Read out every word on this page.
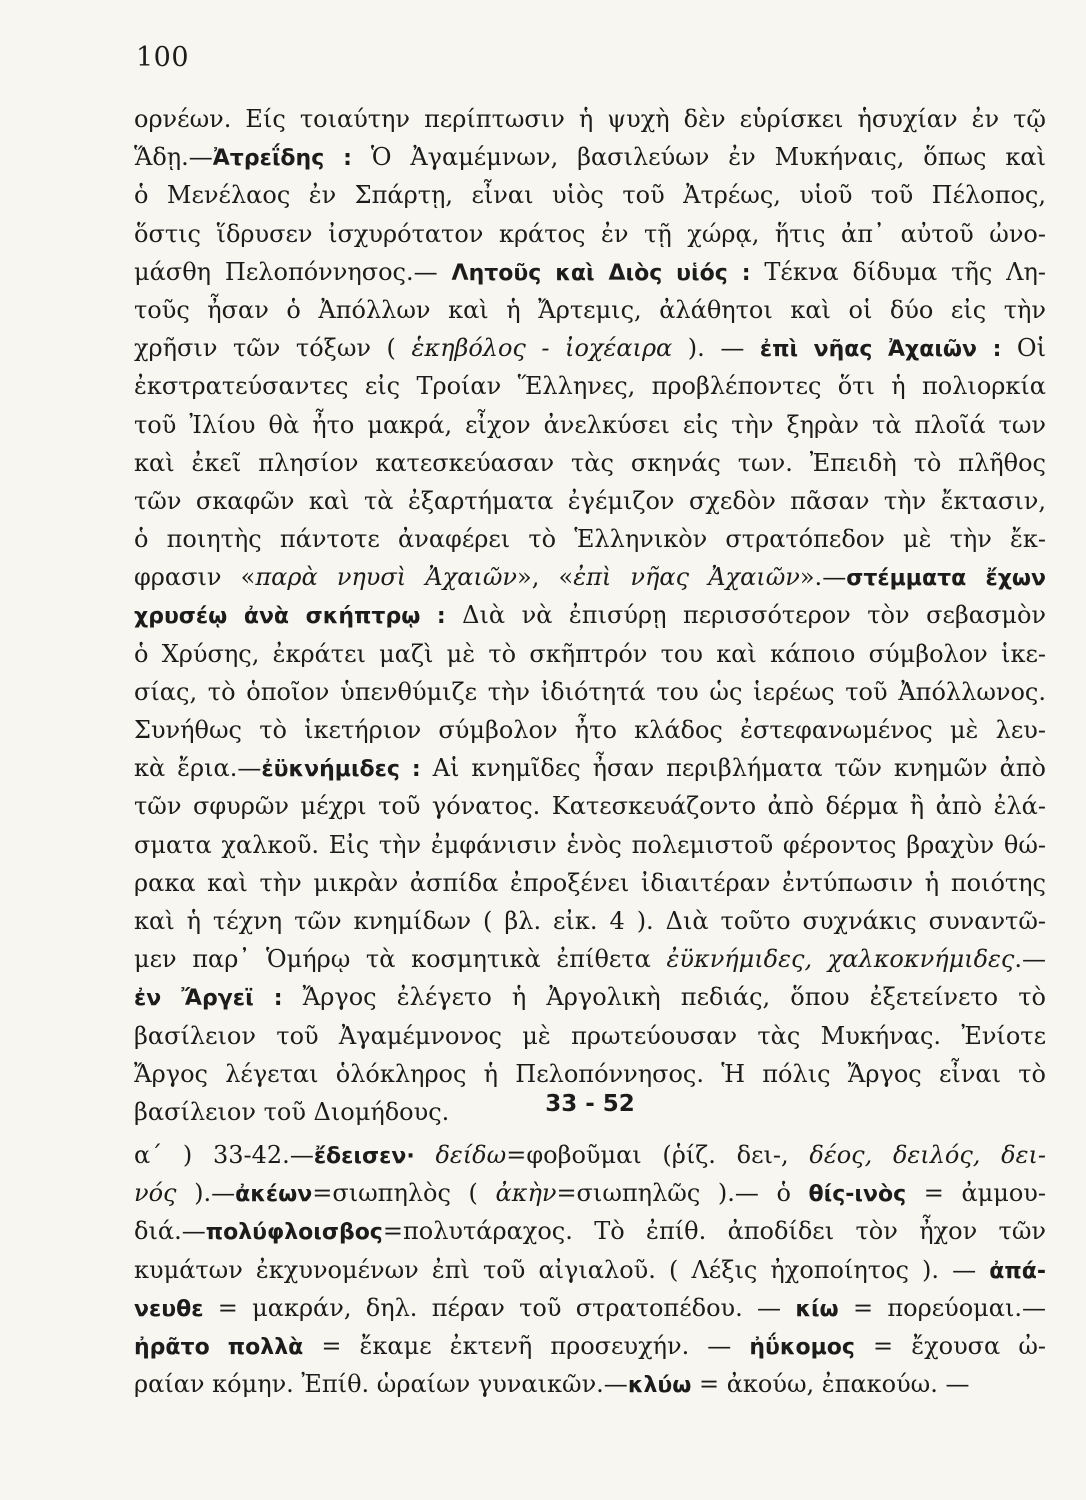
100
ορνέων. Είς τοιαύτην περίπτωσιν ἡ ψυχὴ δὲν εὑρίσκει ἡσυχίαν ἐν τῷ
Ἅδῃ.—Ἀτρεΐδης : Ὁ Ἀγαμέμνων, βασιλεύων ἐν Μυκήναις, ὅπως καὶ
ὁ Μενέλαος ἐν Σπάρτῃ, εἶναι υἱὸς τοῦ Ἀτρέως, υἱοῦ τοῦ Πέλοπος,
ὅστις ἵδρυσεν ἰσχυρότατον κράτος ἐν τῇ χώρᾳ, ἥτις ἀπ᾽ αὐτοῦ ὠνο-
μάσθη Πελοπόννησος.— Λητοῦς καὶ Διὸς υἱός : Τέκνα δίδυμα τῆς Λη-
τοῦς ἦσαν ὁ Ἀπόλλων καὶ ἡ Ἄρτεμις, ἀλάθητοι καὶ οἱ δύο εἰς τὴν
χρῆσιν τῶν τόξων ( ἑκηβόλος - ἰοχέαιρα ). — ἐπὶ νῆας Ἀχαιῶν : Οἱ
ἐκστρατεύσαντες εἰς Τροίαν Ἕλληνες, προβλέποντες ὅτι ἡ πολιορκία
τοῦ Ἰλίου θὰ ἦτο μακρά, εἶχον ἀνελκύσει εἰς τὴν ξηρὰν τὰ πλοῖά των
καὶ ἐκεῖ πλησίον κατεσκεύασαν τὰς σκηνάς των. Ἐπειδὴ τὸ πλῆθος
τῶν σκαφῶν καὶ τὰ ἐξαρτήματα ἐγέμιζον σχεδὸν πᾶσαν τὴν ἔκτασιν,
ὁ ποιητὴς πάντοτε ἀναφέρει τὸ Ἑλληνικὸν στρατόπεδον μὲ τὴν ἔκ-
φρασιν «παρὰ νηυσὶ Ἀχαιῶν», «ἐπὶ νῆας Ἀχαιῶν».—στέμματα ἔχων
χρυσέῳ ἀνὰ σκήπτρῳ : Διὰ νὰ ἐπισύρῃ περισσότερον τὸν σεβασμὸν
ὁ Χρύσης, ἐκράτει μαζὶ μὲ τὸ σκῆπτρόν του καὶ κάποιο σύμβολον ἱκε-
σίας, τὸ ὁποῖον ὑπενθύμιζε τὴν ἰδιότητά του ὡς ἱερέως τοῦ Ἀπόλλωνος.
Συνήθως τὸ ἱκετήριον σύμβολον ἦτο κλάδος ἐστεφανωμένος μὲ λευ-
κὰ ἔρια.—ἐϋκνήμιδες : Αἱ κνημῖδες ἦσαν περιβλήματα τῶν κνημῶν ἀπὸ
τῶν σφυρῶν μέχρι τοῦ γόνατος. Κατεσκευάζοντο ἀπὸ δέρμα ἢ ἀπὸ ἐλά-
σματα χαλκοῦ. Εἰς τὴν ἐμφάνισιν ἑνὸς πολεμιστοῦ φέροντος βραχὺν θώ-
ρακα καὶ τὴν μικρὰν ἀσπίδα ἐπροξένει ἰδιαιτέραν ἐντύπωσιν ἡ ποιότης
καὶ ἡ τέχνη τῶν κνημίδων ( βλ. εἰκ. 4 ). Διὰ τοῦτο συχνάκις συναντῶ-
μεν παρ᾽ Ὁμήρῳ τὰ κοσμητικὰ ἐπίθετα ἐϋκνήμιδες, χαλκοκνήμιδες.—
ἐν Ἄργεϊ : Ἄργος ἐλέγετο ἡ Ἀργολικὴ πεδιάς, ὅπου ἐξετείνετο τὸ
βασίλειον τοῦ Ἀγαμέμνονος μὲ πρωτεύουσαν τὰς Μυκήνας. Ἐνίοτε
Ἄργος λέγεται ὁλόκληρος ἡ Πελοπόννησος. Ἡ πόλις Ἄργος εἶναι τὸ
βασίλειον τοῦ Διομήδους.	33 - 52
α´ ) 33-42.—ἔδεισεν· δείδω=φοβοῦμαι (ῥίζ. δει-, δέος, δειλός, δει-
νός ).—ἀκέων=σιωπηλὸς ( ἀκὴν=σιωπηλῶς ).— ὁ θίς-ινὸς = ἀμμου-
διά.—πολύφλοισβος=πολυτάραχος. Τὸ ἐπίθ. ἀποδίδει τὸν ἦχον τῶν
κυμάτων ἐκχυνομένων ἐπὶ τοῦ αἰγιαλοῦ. ( Λέξις ἠχοποίητος ). — ἀπά-
νευθε = μακράν, δηλ. πέραν τοῦ στρατοπέδου. — κίω = πορεύομαι.—
ἠρᾶτο πολλὰ = ἔκαμε ἐκτενῆ προσευχήν. — ἠΰκομος = ἔχουσα ὠ-
ραίαν κόμην. Ἐπίθ. ὡραίων γυναικῶν.—κλύω = ἀκούω, ἐπακούω. —
